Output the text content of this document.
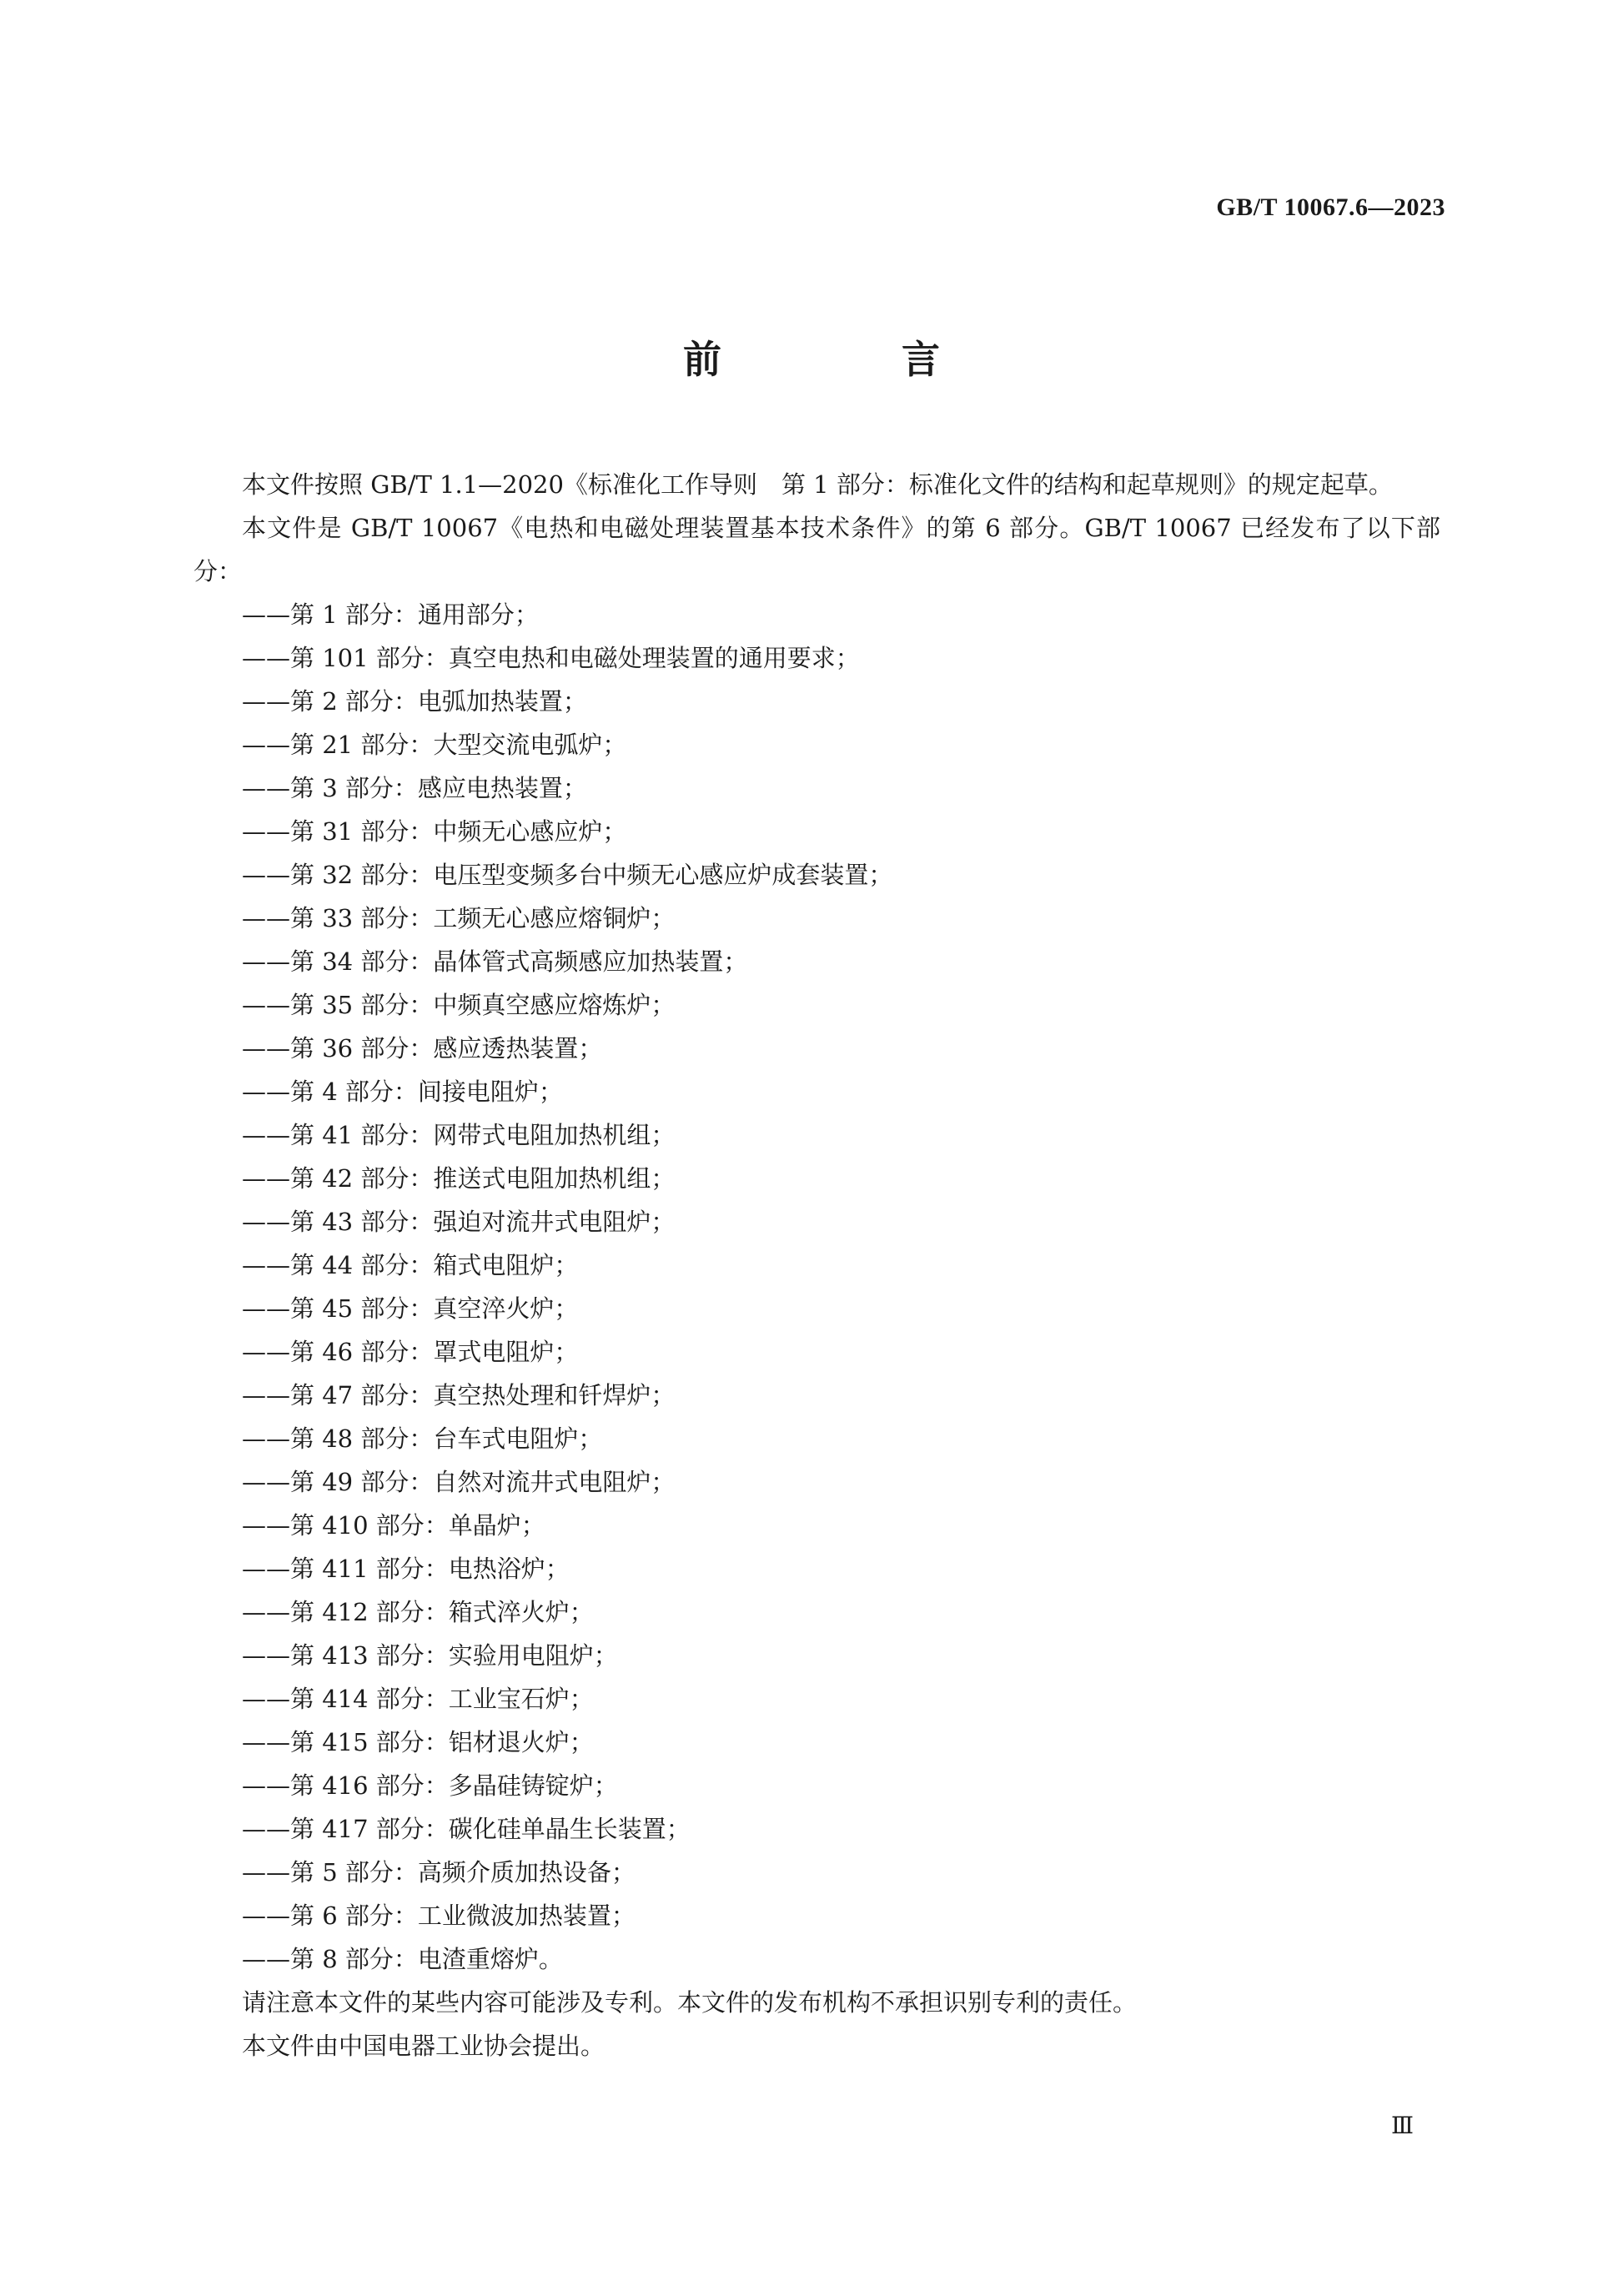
GB/T 10067.6—2023
前 言

本文件按照 GB/T 1.1—2020《标准化工作导则　第 1 部分：标准化文件的结构和起草规则》的规定起草。

本文件是 GB/T 10067《电热和电磁处理装置基本技术条件》的第 6 部分。GB/T 10067 已经发布了以下部分：

——第 1 部分：通用部分；
——第 101 部分：真空电热和电磁处理装置的通用要求；
——第 2 部分：电弧加热装置；
——第 21 部分：大型交流电弧炉；
——第 3 部分：感应电热装置；
——第 31 部分：中频无心感应炉；
——第 32 部分：电压型变频多台中频无心感应炉成套装置；
——第 33 部分：工频无心感应熔铜炉；
——第 34 部分：晶体管式高频感应加热装置；
——第 35 部分：中频真空感应熔炼炉；
——第 36 部分：感应透热装置；
——第 4 部分：间接电阻炉；
——第 41 部分：网带式电阻加热机组；
——第 42 部分：推送式电阻加热机组；
——第 43 部分：强迫对流井式电阻炉；
——第 44 部分：箱式电阻炉；
——第 45 部分：真空淬火炉；
——第 46 部分：罩式电阻炉；
——第 47 部分：真空热处理和钎焊炉；
——第 48 部分：台车式电阻炉；
——第 49 部分：自然对流井式电阻炉；
——第 410 部分：单晶炉；
——第 411 部分：电热浴炉；
——第 412 部分：箱式淬火炉；
——第 413 部分：实验用电阻炉；
——第 414 部分：工业宝石炉；
——第 415 部分：铝材退火炉；
——第 416 部分：多晶硅铸锭炉；
——第 417 部分：碳化硅单晶生长装置；
——第 5 部分：高频介质加热设备；
——第 6 部分：工业微波加热装置；
——第 8 部分：电渣重熔炉。

请注意本文件的某些内容可能涉及专利。本文件的发布机构不承担识别专利的责任。

本文件由中国电器工业协会提出。

Ⅲ
